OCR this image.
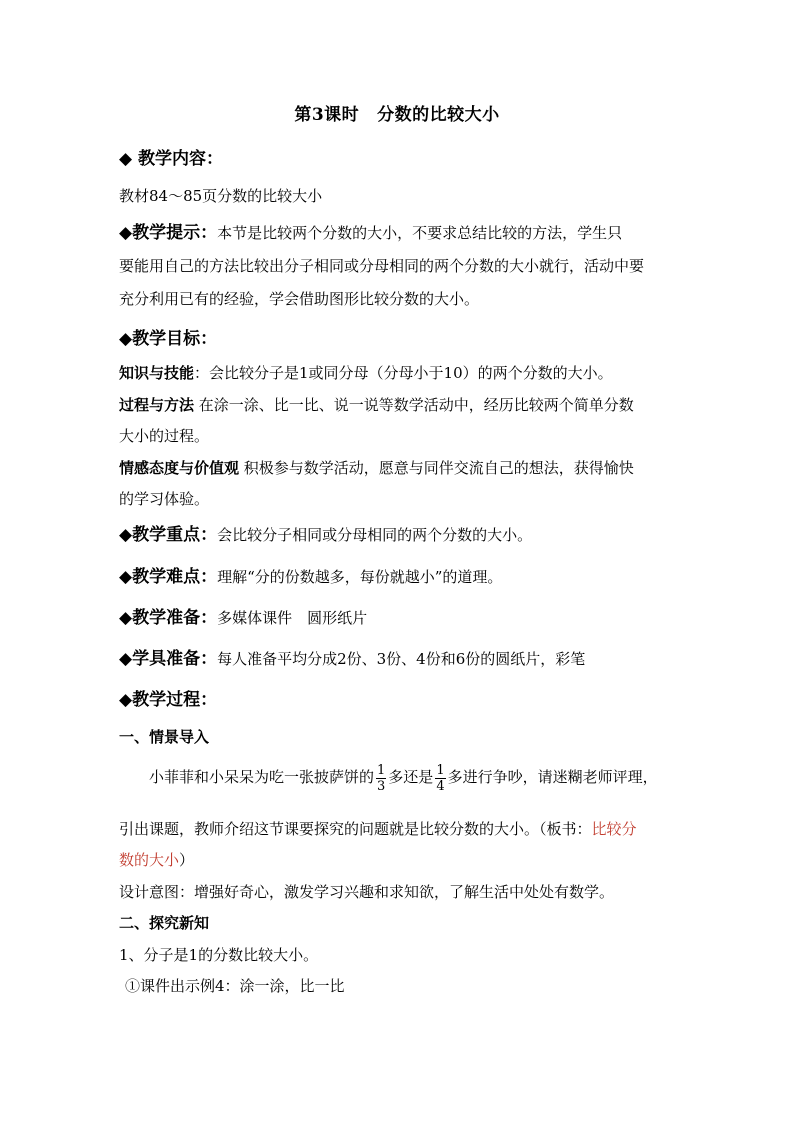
第3课时 分数的比较大小
◆ 教学内容：
教材84～85页分数的比较大小
◆教学提示：本节是比较两个分数的大小，不要求总结比较的方法，学生只
要能用自己的方法比较出分子相同或分母相同的两个分数的大小就行，活动中要
充分利用已有的经验，学会借助图形比较分数的大小。
◆教学目标：
知识与技能：会比较分子是1或同分母（分母小于10）的两个分数的大小。
过程与方法 在涂一涂、比一比、说一说等数学活动中，经历比较两个简单分数
大小的过程。
情感态度与价值观 积极参与数学活动，愿意与同伴交流自己的想法，获得愉快
的学习体验。
◆教学重点：会比较分子相同或分母相同的两个分数的大小。
◆教学难点：理解“分的份数越多，每份就越小”的道理。
◆教学准备：多媒体课件　圆形纸片
◆学具准备：每人准备平均分成2份、3份、4份和6份的圆纸片，彩笔
◆教学过程：
一、情景导入
小菲菲和小呆呆为吃一张披萨饼的 $\frac{1}{3}$ 多还是 $\frac{1}{4}$ 多进行争吵，请迷糊老师评理，
引出课题，教师介绍这节课要探究的问题就是比较分数的大小。（板书：比较分
数的大小）
设计意图：增强好奇心，激发学习兴趣和求知欲，了解生活中处处有数学。
二、探究新知
1、分子是1的分数比较大小。
①课件出示例4：涂一涂，比一比
